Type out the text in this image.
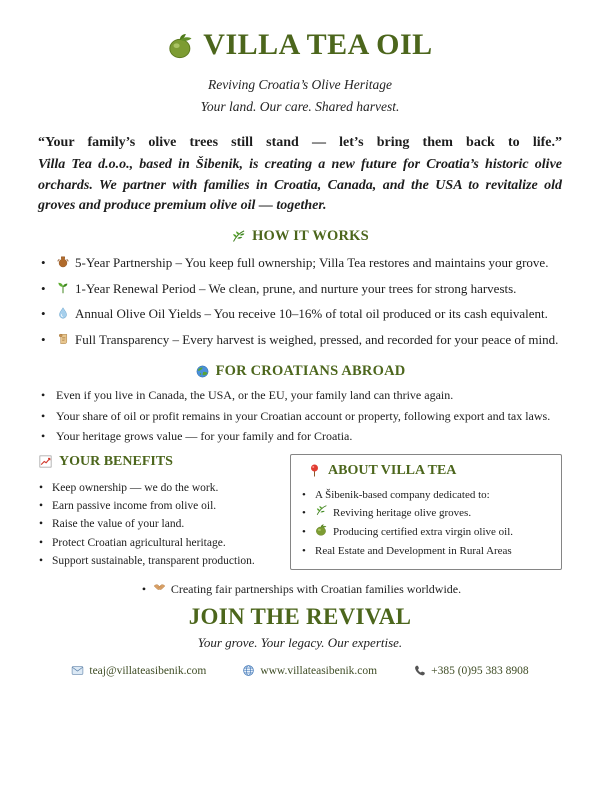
VILLA TEA OIL
Reviving Croatia’s Olive Heritage
Your land. Our care. Shared harvest.

“Your family’s olive trees still stand — let’s bring them back to life.”

Villa Tea d.o.o., based in Šibenik, is creating a new future for Croatia’s historic olive orchards. We partner with families in Croatia, Canada, and the USA to revitalize old groves and produce premium olive oil — together.

HOW IT WORKS
•	5-Year Partnership – You keep full ownership; Villa Tea restores and maintains your grove.
•	1-Year Renewal Period – We clean, prune, and nurture your trees for strong harvests.
•	Annual Olive Oil Yields – You receive 10–16% of total oil produced or its cash equivalent.
•	Full Transparency – Every harvest is weighed, pressed, and recorded for your peace of mind.
FOR CROATIANS ABROAD
• Even if you live in Canada, the USA, or the EU, your family land can thrive again.
• Your share of oil or profit remains in your Croatian account or property, following export and tax laws.
• Your heritage grows value — for your family and for Croatia.
YOUR BENEFITS
• Keep ownership — we do the work.
• Earn passive income from olive oil.
• Raise the value of your land.
• Protect Croatian agricultural heritage.
• Support sustainable, transparent production.
ABOUT VILLA TEA
• A Šibenik-based company dedicated to:
•	Reviving heritage olive groves.
•	Producing certified extra virgin olive oil.
• Real Estate and Development in Rural Areas
•	Creating fair partnerships with Croatian families worldwide.
JOIN THE REVIVAL
Your grove. Your legacy. Our expertise.
teaj@villateasibenik.com	www.villateasibenik.com	+385 (0)95 383 8908
